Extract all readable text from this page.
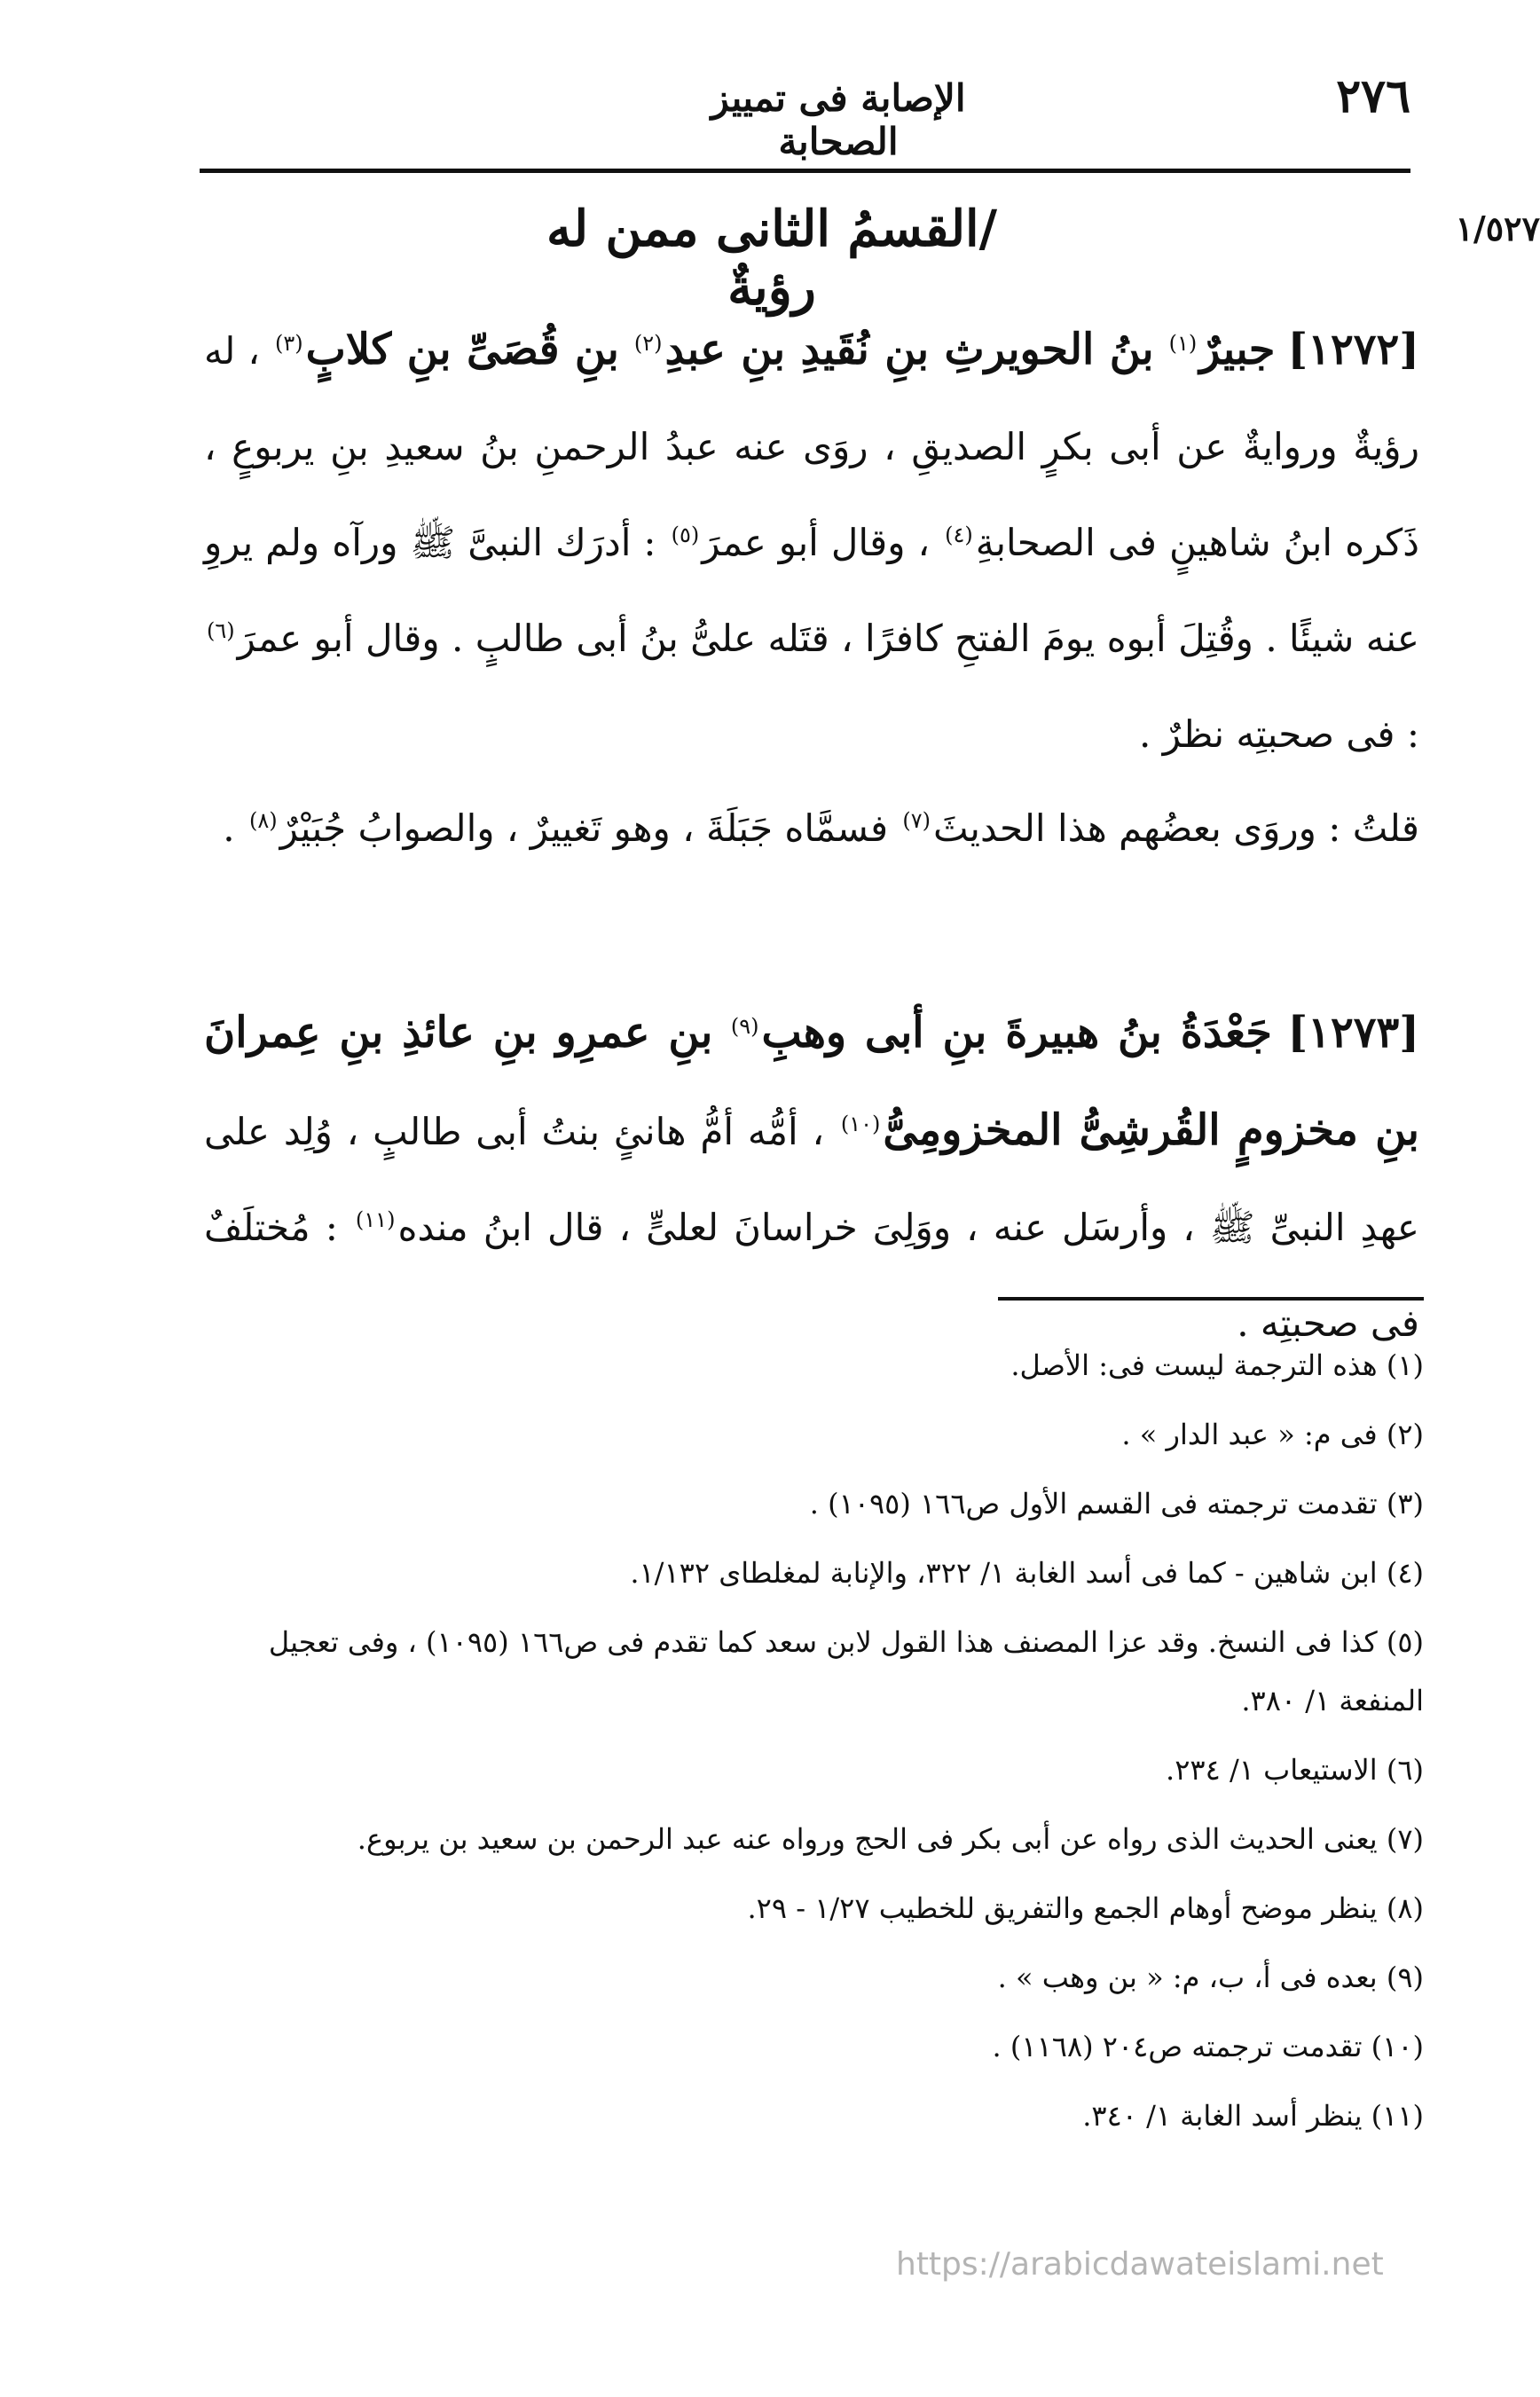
٢٧٦
الإصابة فى تمييز الصحابة
١/٥٢٧
/القسمُ الثانى ممن له رؤيةٌ

[١٢٧٢] جبيرٌ$^{(١)}$ بنُ الحويرثِ بنِ نُقَيدِ بنِ عبدِ$^{(٢)}$ بنِ قُصَىِّ بنِ كلابٍ$^{(٣)}$ ، له رؤيةٌ وروايةٌ عن أبى بكرٍ الصديقِ ، روَى عنه عبدُ الرحمنِ بنُ سعيدِ بنِ يربوعٍ ، ذَكره ابنُ شاهينٍ فى الصحابةِ$^{(٤)}$ ، وقال أبو عمرَ$^{(٥)}$ : أدرَك النبىَّ ﷺ ورآه ولم يروِ عنه شيئًا . وقُتِلَ أبوه يومَ الفتحِ كافرًا ، قتَله علىُّ بنُ أبى طالبٍ . وقال أبو عمرَ$^{(٦)}$ : فى صحبتِه نظرٌ .

قلتُ : وروَى بعضُهم هذا الحديثَ$^{(٧)}$ فسمَّاه جَبَلَةَ ، وهو تَغييرٌ ، والصوابُ جُبَيْرٌ$^{(٨)}$ .

[١٢٧٣] جَعْدَةُ بنُ هبيرةَ بنِ أبى وهبِ$^{(٩)}$ بنِ عمرِو بنِ عائذِ بنِ عِمرانَ بنِ مخزومٍ القُرشِىُّ المخزومِىُّ$^{(١٠)}$ ، أمُّه أمُّ هانئٍ بنتُ أبى طالبٍ ، وُلِد على عهدِ النبىِّ ﷺ ، وأرسَل عنه ، ووَلِىَ خراسانَ لعلىٍّ ، قال ابنُ منده$^{(١١)}$ : مُختلَفٌ فى صحبتِه .

(١) هذه الترجمة ليست فى: الأصل.
(٢) فى م: « عبد الدار » .
(٣) تقدمت ترجمته فى القسم الأول ص١٦٦ (١٠٩٥) .
(٤) ابن شاهين - كما فى أسد الغابة ١/ ٣٢٢، والإنابة لمغلطاى ١/١٣٢.
(٥) كذا فى النسخ. وقد عزا المصنف هذا القول لابن سعد كما تقدم فى ص١٦٦ (١٠٩٥) ، وفى تعجيل المنفعة ١/ ٣٨٠.
(٦) الاستيعاب ١/ ٢٣٤.
(٧) يعنى الحديث الذى رواه عن أبى بكر فى الحج ورواه عنه عبد الرحمن بن سعيد بن يربوع.
(٨) ينظر موضح أوهام الجمع والتفريق للخطيب ١/٢٧ - ٢٩.
(٩) بعده فى أ، ب، م: « بن وهب » .
(١٠) تقدمت ترجمته ص٢٠٤ (١١٦٨) .
(١١) ينظر أسد الغابة ١/ ٣٤٠.
https://arabicdawateislami.net
